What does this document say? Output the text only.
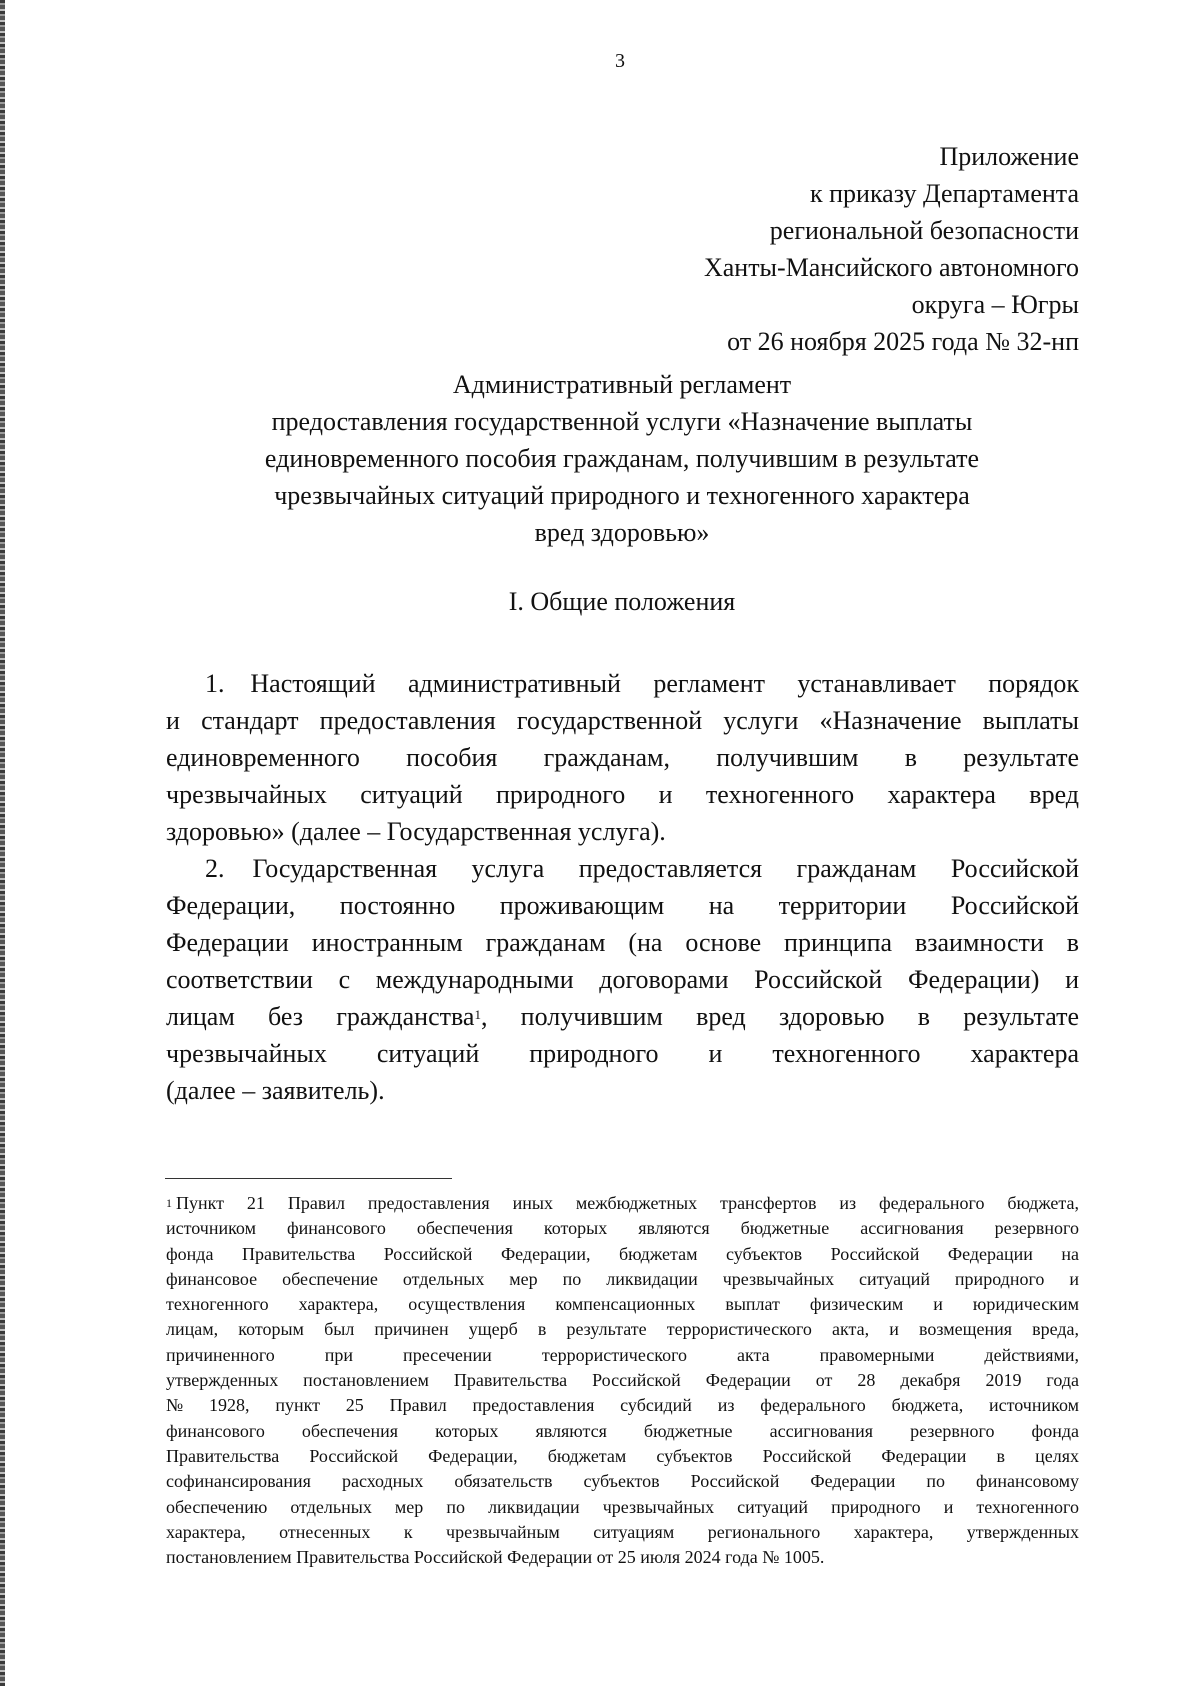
3
Приложение
к приказу Департамента
региональной безопасности
Ханты-Мансийского автономного
округа – Югры
от 26 ноября 2025 года № 32-нп
Административный регламент
предоставления государственной услуги «Назначение выплаты
единовременного пособия гражданам, получившим в результате
чрезвычайных ситуаций природного и техногенного характера
вред здоровью»
I. Общие положения
1. Настоящий административный регламент устанавливает порядок
и стандарт предоставления государственной услуги «Назначение выплаты
единовременного пособия гражданам, получившим в результате
чрезвычайных ситуаций природного и техногенного характера вред
здоровью» (далее – Государственная услуга).
2. Государственная услуга предоставляется гражданам Российской
Федерации, постоянно проживающим на территории Российской
Федерации иностранным гражданам (на основе принципа взаимности в
соответствии с международными договорами Российской Федерации) и
лицам без гражданства$^1$, получившим вред здоровью в результате
чрезвычайных ситуаций природного и техногенного характера
(далее – заявитель).
$^1$ Пункт 21 Правил предоставления иных межбюджетных трансфертов из федерального бюджета,
источником финансового обеспечения которых являются бюджетные ассигнования резервного
фонда Правительства Российской Федерации, бюджетам субъектов Российской Федерации на
финансовое обеспечение отдельных мер по ликвидации чрезвычайных ситуаций природного и
техногенного характера, осуществления компенсационных выплат физическим и юридическим
лицам, которым был причинен ущерб в результате террористического акта, и возмещения вреда,
причиненного при пресечении террористического акта правомерными действиями,
утвержденных постановлением Правительства Российской Федерации от 28 декабря 2019 года
№ 1928, пункт 25 Правил предоставления субсидий из федерального бюджета, источником
финансового обеспечения которых являются бюджетные ассигнования резервного фонда
Правительства Российской Федерации, бюджетам субъектов Российской Федерации в целях
софинансирования расходных обязательств субъектов Российской Федерации по финансовому
обеспечению отдельных мер по ликвидации чрезвычайных ситуаций природного и техногенного
характера, отнесенных к чрезвычайным ситуациям регионального характера, утвержденных
постановлением Правительства Российской Федерации от 25 июля 2024 года № 1005.
